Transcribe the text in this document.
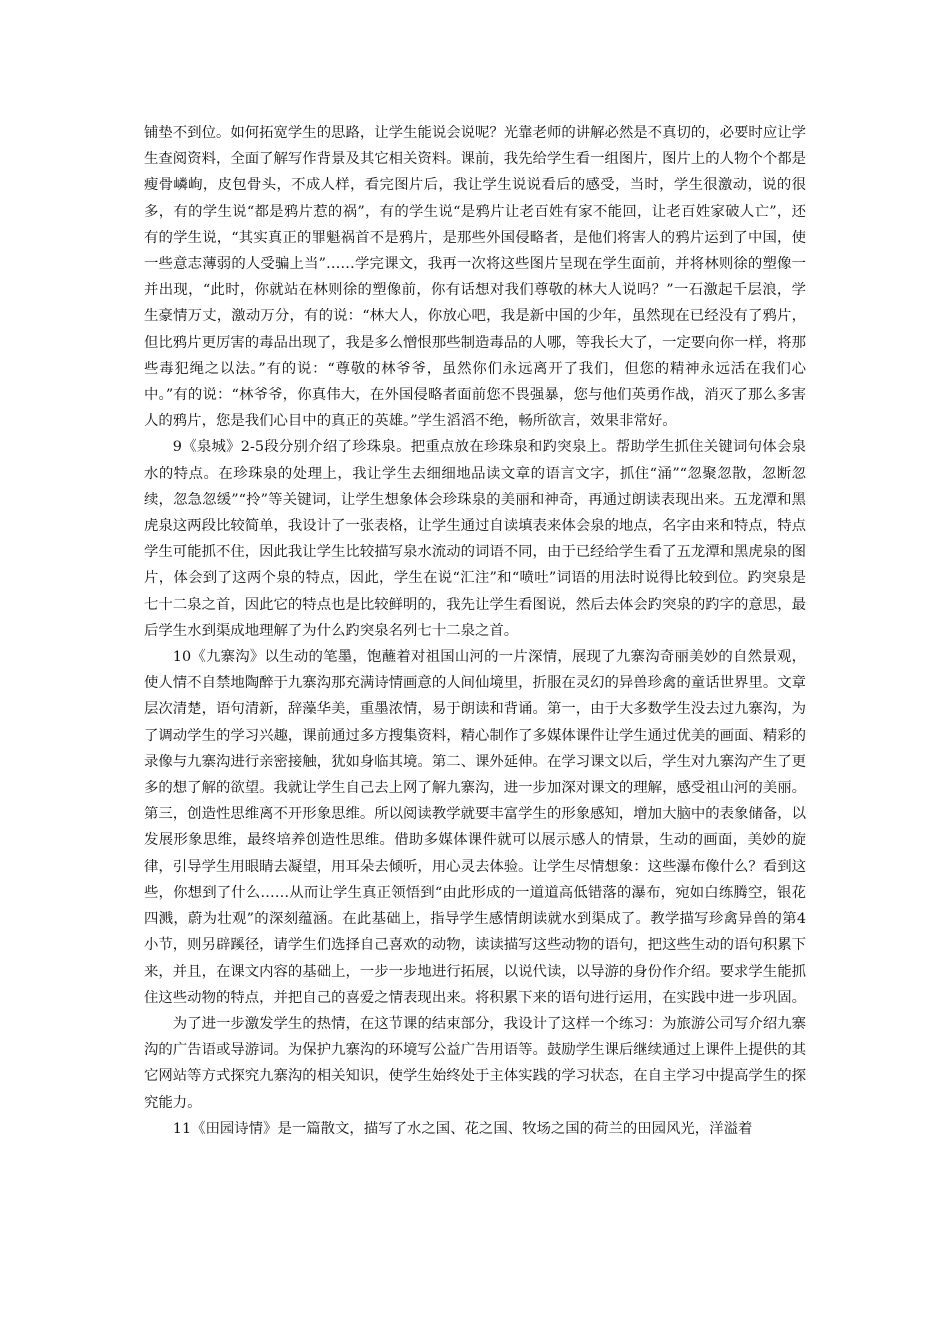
铺垫不到位。如何拓宽学生的思路，让学生能说会说呢？光靠老师的讲解必然是不真切的，必要时应让学生查阅资料，全面了解写作背景及其它相关资料。课前，我先给学生看一组图片，图片上的人物个个都是瘦骨嶙峋，皮包骨头，不成人样，看完图片后，我让学生说说看后的感受，当时，学生很激动，说的很多，有的学生说“都是鸦片惹的祸”，有的学生说“是鸦片让老百姓有家不能回，让老百姓家破人亡”，还有的学生说，“其实真正的罪魁祸首不是鸦片，是那些外国侵略者，是他们将害人的鸦片运到了中国，使一些意志薄弱的人受骗上当”……学完课文，我再一次将这些图片呈现在学生面前，并将林则徐的塑像一并出现，“此时，你就站在林则徐的塑像前，你有话想对我们尊敬的林大人说吗？”一石激起千层浪，学生豪情万丈，激动万分，有的说：“林大人，你放心吧，我是新中国的少年，虽然现在已经没有了鸦片，但比鸦片更厉害的毒品出现了，我是多么憎恨那些制造毒品的人哪，等我长大了，一定要向你一样，将那些毒犯绳之以法。”有的说：“尊敬的林爷爷，虽然你们永远离开了我们，但您的精神永远活在我们心中。”有的说：“林爷爷，你真伟大，在外国侵略者面前您不畏强暴，您与他们英勇作战，消灭了那么多害人的鸦片，您是我们心目中的真正的英雄。”学生滔滔不绝，畅所欲言，效果非常好。

9《泉城》2-5段分别介绍了珍珠泉。把重点放在珍珠泉和趵突泉上。帮助学生抓住关键词句体会泉水的特点。在珍珠泉的处理上，我让学生去细细地品读文章的语言文字，抓住“涌”“忽聚忽散，忽断忽续，忽急忽缓”“拎”等关键词，让学生想象体会珍珠泉的美丽和神奇，再通过朗读表现出来。五龙潭和黑虎泉这两段比较简单，我设计了一张表格，让学生通过自读填表来体会泉的地点，名字由来和特点，特点学生可能抓不住，因此我让学生比较描写泉水流动的词语不同，由于已经给学生看了五龙潭和黑虎泉的图片，体会到了这两个泉的特点，因此，学生在说“汇注”和“喷吐”词语的用法时说得比较到位。趵突泉是七十二泉之首，因此它的特点也是比较鲜明的，我先让学生看图说，然后去体会趵突泉的趵字的意思，最后学生水到渠成地理解了为什么趵突泉名列七十二泉之首。

10《九寨沟》以生动的笔墨，饱蘸着对祖国山河的一片深情，展现了九寨沟奇丽美妙的自然景观，使人情不自禁地陶醉于九寨沟那充满诗情画意的人间仙境里，折服在灵幻的异兽珍禽的童话世界里。文章层次清楚，语句清新，辞藻华美，重墨浓情，易于朗读和背诵。第一，由于大多数学生没去过九寨沟，为了调动学生的学习兴趣，课前通过多方搜集资料，精心制作了多媒体课件让学生通过优美的画面、精彩的录像与九寨沟进行亲密接触，犹如身临其境。第二、课外延伸。在学习课文以后，学生对九寨沟产生了更多的想了解的欲望。我就让学生自己去上网了解九寨沟，进一步加深对课文的理解，感受祖山河的美丽。第三，创造性思维离不开形象思维。所以阅读教学就要丰富学生的形象感知，增加大脑中的表象储备，以发展形象思维，最终培养创造性思维。借助多媒体课件就可以展示感人的情景，生动的画面，美妙的旋律，引导学生用眼睛去凝望，用耳朵去倾听，用心灵去体验。让学生尽情想象：这些瀑布像什么？看到这些，你想到了什么……从而让学生真正领悟到“由此形成的一道道高低错落的瀑布，宛如白练腾空，银花四溅，蔚为壮观”的深刻蕴涵。在此基础上，指导学生感情朗读就水到渠成了。教学描写珍禽异兽的第4小节，则另辟蹊径，请学生们选择自己喜欢的动物，读读描写这些动物的语句，把这些生动的语句积累下来，并且，在课文内容的基础上，一步一步地进行拓展，以说代读，以导游的身份作介绍。要求学生能抓住这些动物的特点，并把自己的喜爱之情表现出来。将积累下来的语句进行运用，在实践中进一步巩固。

为了进一步激发学生的热情，在这节课的结束部分，我设计了这样一个练习：为旅游公司写介绍九寨沟的广告语或导游词。为保护九寨沟的环境写公益广告用语等。鼓励学生课后继续通过上课件上提供的其它网站等方式探究九寨沟的相关知识，使学生始终处于主体实践的学习状态，在自主学习中提高学生的探究能力。

11《田园诗情》是一篇散文，描写了水之国、花之国、牧场之国的荷兰的田园风光，洋溢着
